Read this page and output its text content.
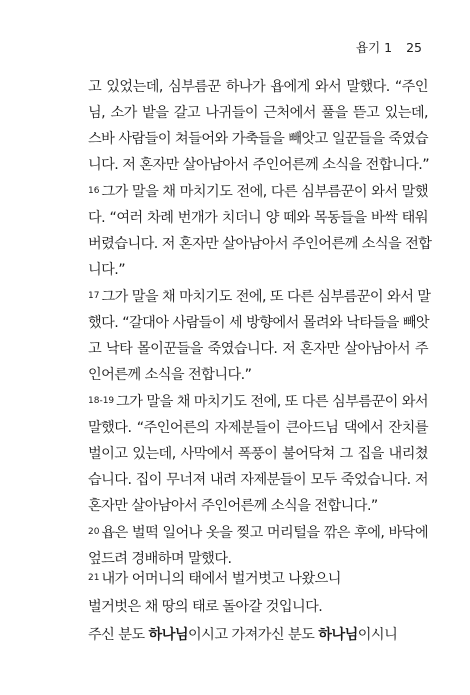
욥기 1 25
고 있었는데, 심부름꾼 하나가 욥에게 와서 말했다. “주인
님, 소가 밭을 갈고 나귀들이 근처에서 풀을 뜯고 있는데,
스바 사람들이 쳐들어와 가축들을 빼앗고 일꾼들을 죽였습
니다. 저 혼자만 살아남아서 주인어른께 소식을 전합니다.”
$^{16}$ 그가 말을 채 마치기도 전에, 다른 심부름꾼이 와서 말했
다. “여러 차례 번개가 치더니 양 떼와 목동들을 바싹 태워
버렸습니다. 저 혼자만 살아남아서 주인어른께 소식을 전합
니다.”
$^{17}$ 그가 말을 채 마치기도 전에, 또 다른 심부름꾼이 와서 말
했다. “갈대아 사람들이 세 방향에서 몰려와 낙타들을 빼앗
고 낙타 몰이꾼들을 죽였습니다. 저 혼자만 살아남아서 주
인어른께 소식을 전합니다.”
$^{18-19}$ 그가 말을 채 마치기도 전에, 또 다른 심부름꾼이 와서
말했다. “주인어른의 자제분들이 큰아드님 댁에서 잔치를
벌이고 있는데, 사막에서 폭풍이 불어닥쳐 그 집을 내리쳤
습니다. 집이 무너져 내려 자제분들이 모두 죽었습니다. 저
혼자만 살아남아서 주인어른께 소식을 전합니다.”
$^{20}$ 욥은 벌떡 일어나 옷을 찢고 머리털을 깎은 후에, 바닥에
엎드려 경배하며 말했다.
$^{21}$ 내가 어머니의 태에서 벌거벗고 나왔으니
벌거벗은 채 땅의 태로 돌아갈 것입니다.
주신 분도 하나님이시고 가져가신 분도 하나님이시니
